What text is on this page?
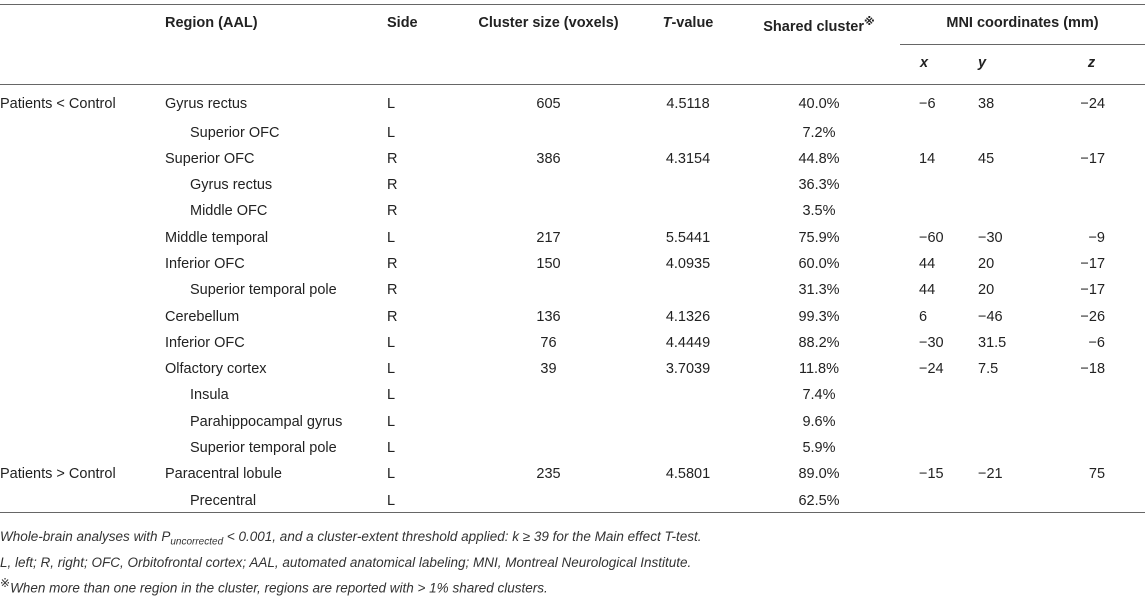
	Region (AAL)	Side	Cluster size (voxels)	T-value	Shared cluster※	MNI coordinates (mm)		
						x	y	z
Patients < Control	Gyrus rectus	L	605	4.5118	40.0%	−6	38	−24
	Superior OFC	L			7.2%			
	Superior OFC	R	386	4.3154	44.8%	14	45	−17
	Gyrus rectus	R			36.3%			
	Middle OFC	R			3.5%			
	Middle temporal	L	217	5.5441	75.9%	−60	−30	−9
	Inferior OFC	R	150	4.0935	60.0%	44	20	−17
	Superior temporal pole	R			31.3%	44	20	−17
	Cerebellum	R	136	4.1326	99.3%	6	−46	−26
	Inferior OFC	L	76	4.4449	88.2%	−30	31.5	−6
	Olfactory cortex	L	39	3.7039	11.8%	−24	7.5	−18
	Insula	L			7.4%			
	Parahippocampal gyrus	L			9.6%			
	Superior temporal pole	L			5.9%			
Patients > Control	Paracentral lobule	L	235	4.5801	89.0%	−15	−21	75
	Precentral	L			62.5%			
Whole-brain analyses with $P_{uncorrected} < 0.001$, and a cluster-extent threshold applied: k ≥ 39 for the Main effect T-test.
L, left; R, right; OFC, Orbitofrontal cortex; AAL, automated anatomical labeling; MNI, Montreal Neurological Institute.
※When more than one region in the cluster, regions are reported with > 1% shared clusters.
